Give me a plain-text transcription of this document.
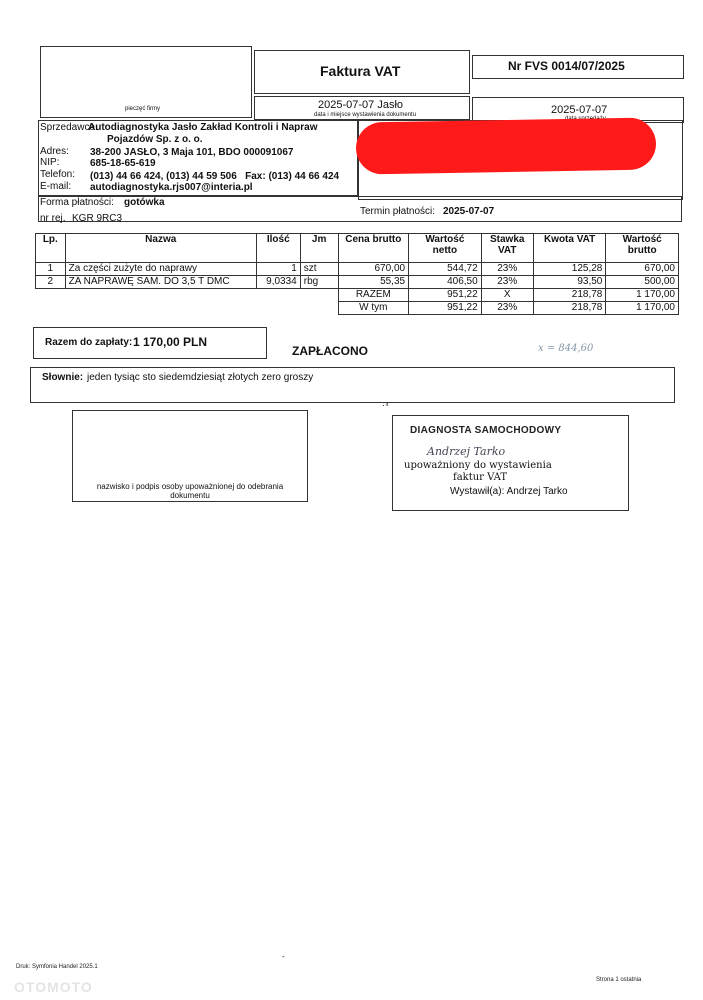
pieczęć firmy
Faktura VAT	Nr FVS 0014/07/2025
2025-07-07 Jasło
data i miejsce wystawienia dokumentu	2025-07-07
Sprzedawca:
Autodiagnostyka Jasło Zakład Kontroli i Napraw
Pojazdów Sp. z o. o.
Adres: 38-200 JASŁO, 3 Maja 101, BDO 000091067
NIP:	685-18-65-619
Telefon: (013) 44 66 424, (013) 44 59 506   Fax: (013) 44 66 424
E-mail: autodiagnostyka.rjs007@interia.pl
Forma płatności: gotówka
Termin płatności: 2025-07-07
nr rej. KGR 9RC3
Lp.	Nazwa	Ilość	Jm	Cena brutto	Wartość netto	Stawka VAT	Kwota VAT	Wartość brutto
1	Za części zużyte do naprawy	1	szt	670,00	544,72	23%	125,28	670,00
2	ZA NAPRAWĘ SAM. DO 3,5 T DMC	9,0334	rbg	55,35	406,50	23%	93,50	500,00
				RAZEM	951,22	X	218,78	1 170,00
				W tym	951,22	23%	218,78	1 170,00
Razem do zapłaty: 1 170,00 PLN
ZAPŁACONO	x = 844,60
Słownie: jeden tysiąc sto siedemdziesiąt złotych zero groszy
nazwisko i podpis osoby upoważnionej do odebrania dokumentu
·⁴
DIAGNOSTA SAMOCHODOWY
Andrzej Tarko
upoważniony do wystawienia
faktur VAT
Wystawił(a): Andrzej Tarko
-
Druk: Symfonia Handel 2025.1
Strona 1 ostatnia
OTOMOTO
